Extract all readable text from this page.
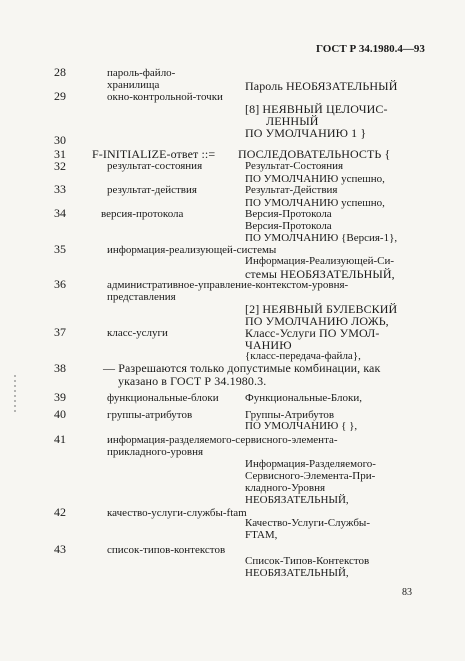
ГОСТ Р 34.1980.4—93
28
29
30
31
32
33
34
35
36
37
38
39
40
41
42
43
пароль-файло-
хранилища
окно-контрольной-точки
F-INITIALIZE-ответ ::=
результат-состояния
результат-действия
версия-протокола
информация-реализующей-системы
административное-управление-контекстом-уровня-
представления
класс-услуги
— Разрешаются только допустимые комбинации, как
указано в ГОСТ Р 34.1980.3.
функциональные-блоки
группы-атрибутов
информация-разделяемого-сервисного-элемента-
прикладного-уровня
качество-услуги-службы-ftam
список-типов-контекстов
Пароль НЕОБЯЗАТЕЛЬНЫЙ
[8] НЕЯВНЫЙ ЦЕЛОЧИС-
ЛЕННЫЙ
ПО УМОЛЧАНИЮ 1 }
ПОСЛЕДОВАТЕЛЬНОСТЬ {
Результат-Состояния
ПО УМОЛЧАНИЮ успешно,
Результат-Действия
ПО УМОЛЧАНИЮ успешно,
Версия-Протокола
Версия-Протокола
ПО УМОЛЧАНИЮ {Версия-1},
Информация-Реализующей-Си-
стемы НЕОБЯЗАТЕЛЬНЫЙ,
[2] НЕЯВНЫЙ БУЛЕВСКИЙ
ПО УМОЛЧАНИЮ ЛОЖЬ,
Класс-Услуги ПО УМОЛ-
ЧАНИЮ
{класс-передача-файла},
Функциональные-Блоки,
Группы-Атрибутов
ПО УМОЛЧАНИЮ { },
Информация-Разделяемого-
Сервисного-Элемента-При-
кладного-Уровня
НЕОБЯЗАТЕЛЬНЫЙ,
Качество-Услуги-Службы-
FTAM,
Список-Типов-Контекстов
НЕОБЯЗАТЕЛЬНЫЙ,
83
